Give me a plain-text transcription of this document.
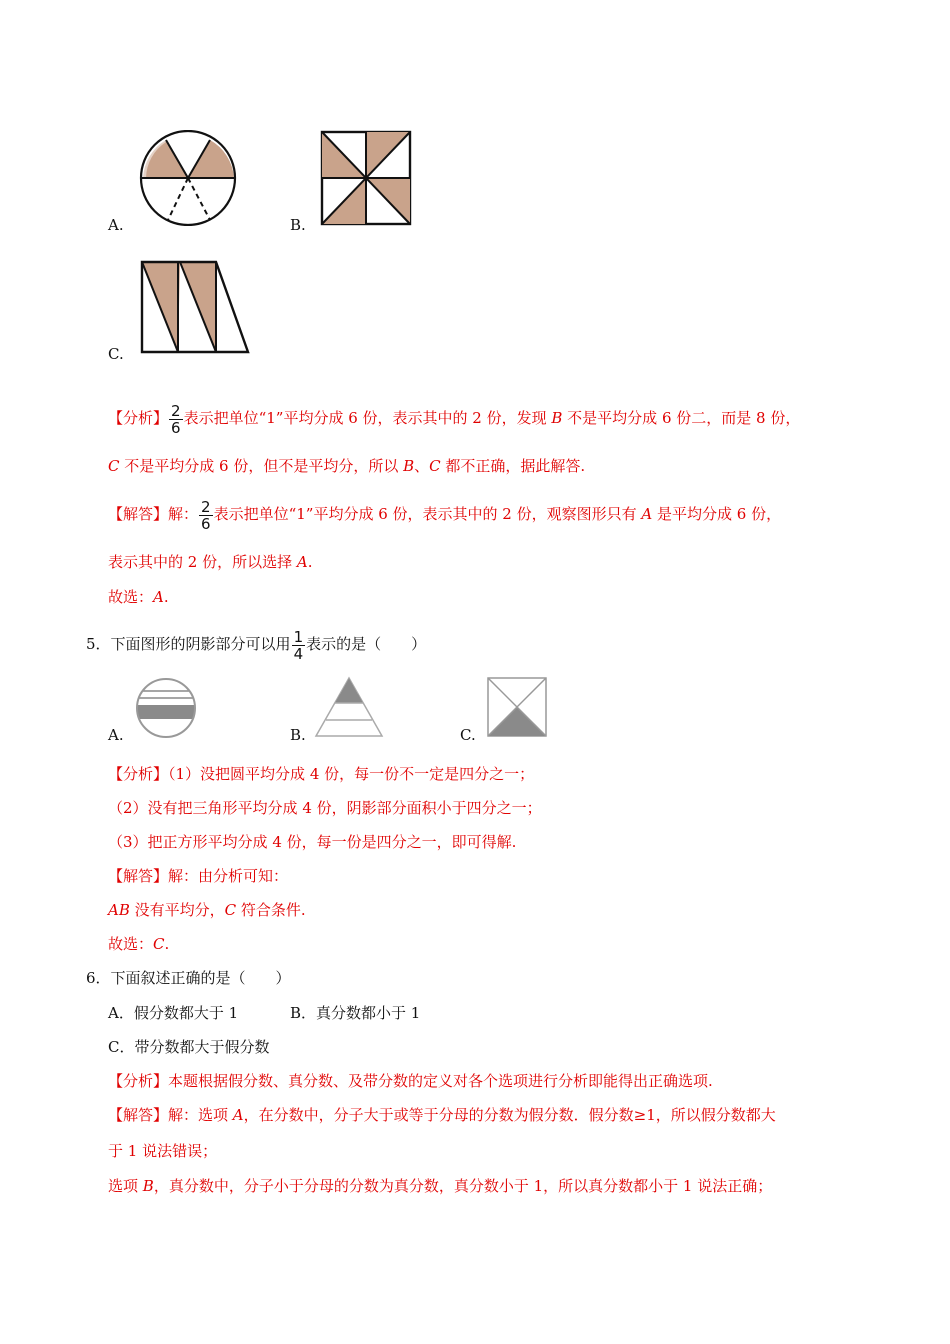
A.	B.
C.
【分析】 $\frac{2}{6}$ 表示把单位“1”平均分成 6 份，表示其中的 2 份，发现 B 不是平均分成 6 份二，而是 8 份，
C 不是平均分成 6 份，但不是平均分，所以 B、C 都不正确，据此解答.
【解答】解： $\frac{2}{6}$ 表示把单位“1”平均分成 6 份，表示其中的 2 份，观察图形只有 A 是平均分成 6 份，
表示其中的 2 份，所以选择 A.
故选：A.
5．下面图形的阴影部分可以用 $\frac{1}{4}$ 表示的是（　　）
A.	B.	C.
【分析】（1）没把圆平均分成 4 份，每一份不一定是四分之一；
（2）没有把三角形平均分成 4 份，阴影部分面积小于四分之一；
（3）把正方形平均分成 4 份，每一份是四分之一，即可得解.
【解答】解：由分析可知：
AB 没有平均分，C 符合条件.
故选：C.
6．下面叙述正确的是（　　）
A．假分数都大于 1	B．真分数都小于 1
C．带分数都大于假分数
【分析】本题根据假分数、真分数、及带分数的定义对各个选项进行分析即能得出正确选项.
【解答】解：选项 A，在分数中，分子大于或等于分母的分数为假分数．假分数≥1，所以假分数都大
于 1 说法错误；
选项 B，真分数中，分子小于分母的分数为真分数，真分数小于 1，所以真分数都小于 1 说法正确；
